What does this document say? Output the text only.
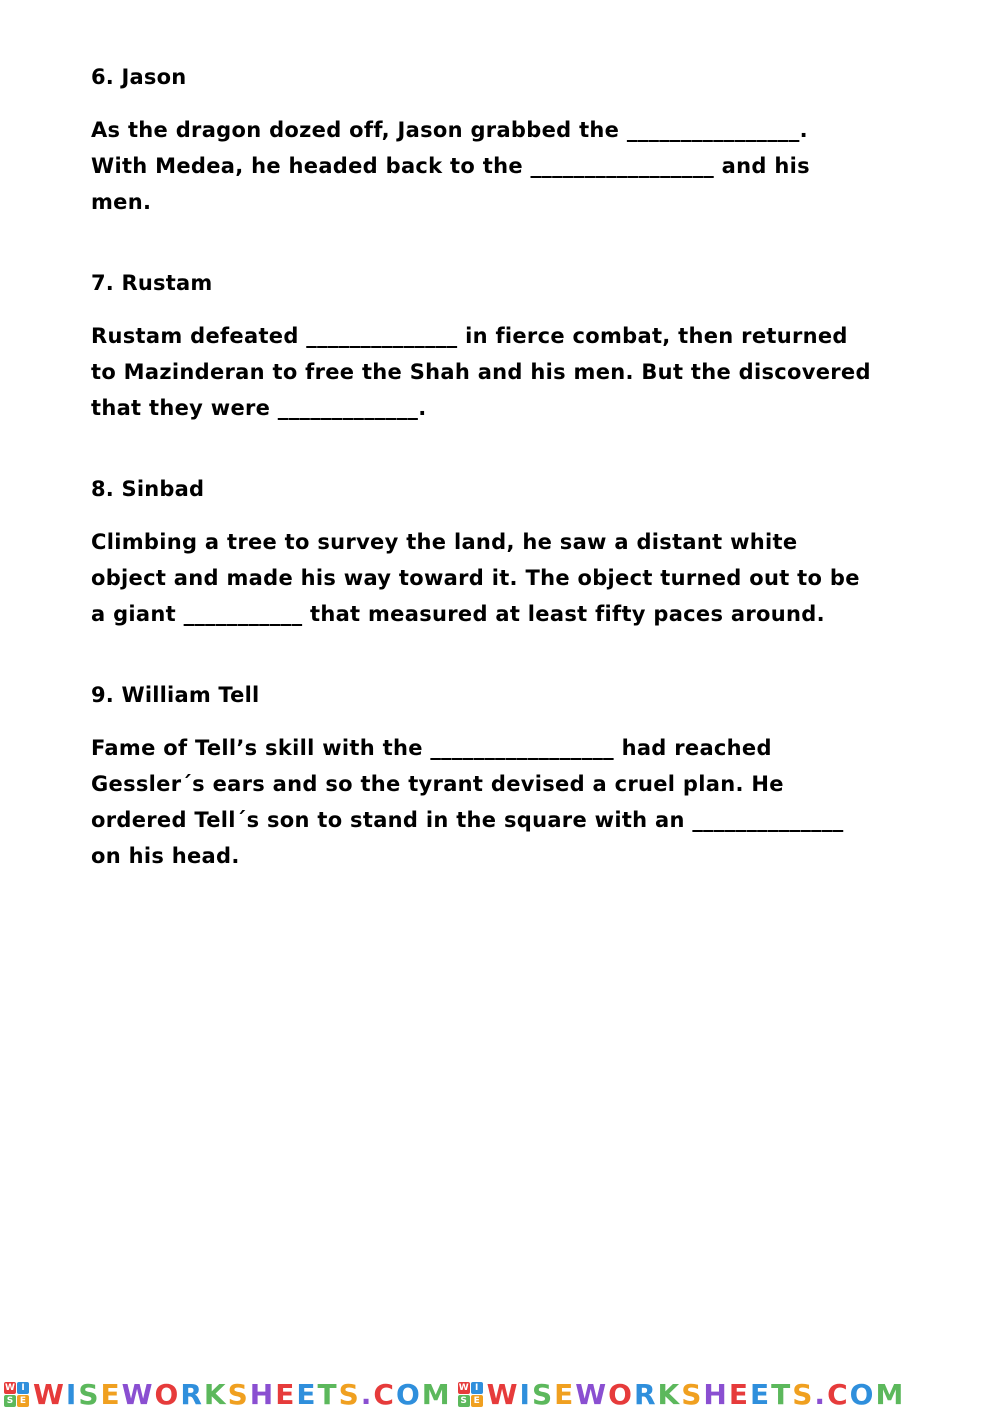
6. Jason

As the dragon dozed off, Jason grabbed the ________________.
With Medea, he headed back to the _________________ and his
men.

7. Rustam

Rustam defeated ______________ in fierce combat, then returned
to Mazinderan to free the Shah and his men. But the discovered
that they were _____________.

8. Sinbad

Climbing a tree to survey the land, he saw a distant white
object and made his way toward it. The object turned out to be
a giant ___________ that measured at least fifty paces around.

9. William Tell

Fame of Tell’s skill with the _________________ had reached
Gessler´s ears and so the tyrant devised a cruel plan. He
ordered Tell´s son to stand in the square with an ______________
on his head.

W I
S E WISEWORKSHEETS.COM W I
S E WISEWORKSHEETS.COM
